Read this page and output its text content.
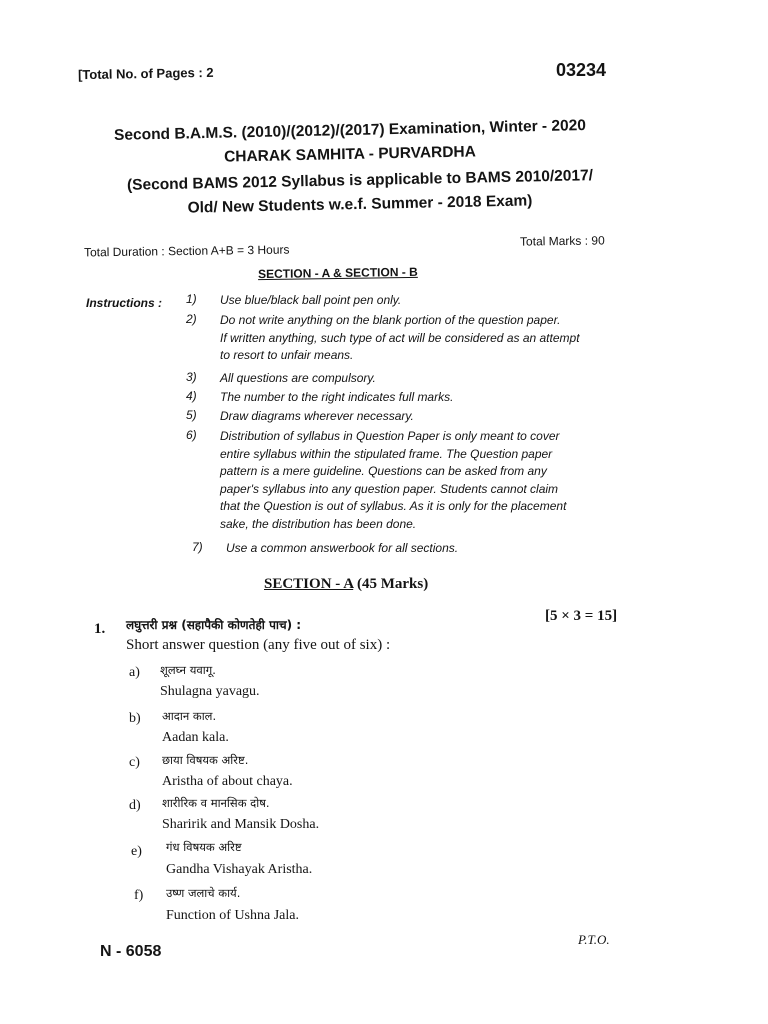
[Total No. of Pages : 2	03234
Second B.A.M.S. (2010)/(2012)/(2017) Examination, Winter - 2020
CHARAK SAMHITA - PURVARDHA
(Second BAMS 2012 Syllabus is applicable to BAMS 2010/2017/
Old/ New Students w.e.f. Summer - 2018 Exam)
Total Duration : Section A+B = 3 Hours
Total Marks : 90
SECTION - A & SECTION - B
Instructions : 1) Use blue/black ball point pen only.

2) Do not write anything on the blank portion of the question paper.
If written anything, such type of act will be considered as an attempt
to resort to unfair means.

3) All questions are compulsory.
4) The number to the right indicates full marks.
5) Draw diagrams wherever necessary.
6) Distribution of syllabus in Question Paper is only meant to cover
entire syllabus within the stipulated frame. The Question paper
pattern is a mere guideline. Questions can be asked from any
paper's syllabus into any question paper. Students cannot claim
that the Question is out of syllabus. As it is only for the placement
sake, the distribution has been done.
7) Use a common answerbook for all sections.
SECTION - A (45 Marks)
1. लघुत्तरी प्रश्न (सहापैकी कोणतेही पाच) :
[5 × 3 = 15]
Short answer question (any five out of six) :
a) शूलघ्न यवागू.
Shulagna yavagu.
b) आदान काल.
Aadan kala.
c) छाया विषयक अरिष्ट.
Aristha of about chaya.
d) शारीरिक व मानसिक दोष.
Sharirik and Mansik Dosha.
e) गंध विषयक अरिष्ट
Gandha Vishayak Aristha.
f) उष्ण जलाचे कार्य.
Function of Ushna Jala.
N - 6058
P.T.O.
